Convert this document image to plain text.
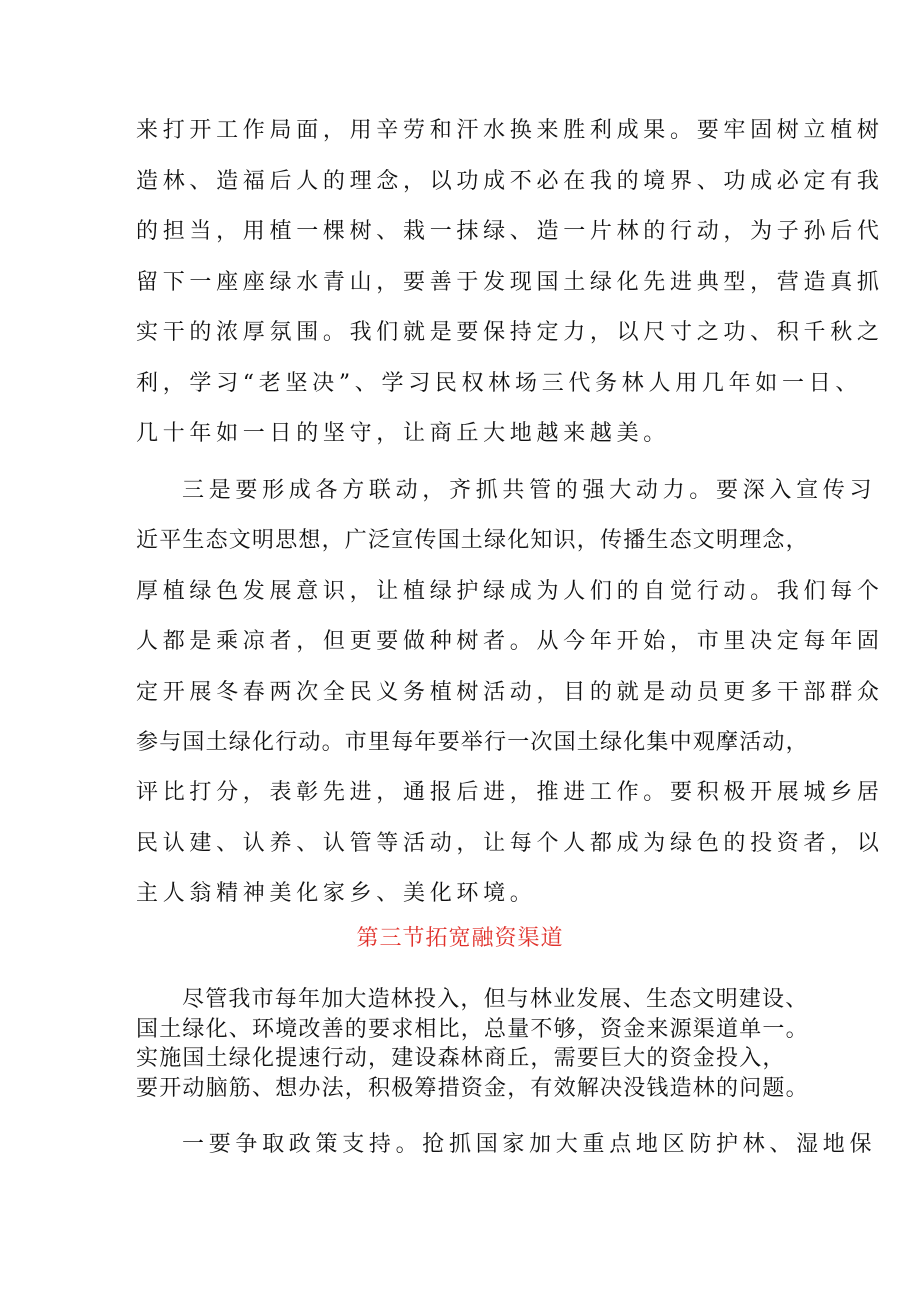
来打开工作局面，用辛劳和汗水换来胜利成果。要牢固树立植树
造林、造福后人的理念，以功成不必在我的境界、功成必定有我
的担当，用植一棵树、栽一抹绿、造一片林的行动，为子孙后代
留下一座座绿水青山，要善于发现国土绿化先进典型，营造真抓
实干的浓厚氛围。我们就是要保持定力，以尺寸之功、积千秋之
利，学习“老坚决”、学习民权林场三代务林人用几年如一日、
几十年如一日的坚守，让商丘大地越来越美。
三是要形成各方联动，齐抓共管的强大动力。要深入宣传习
近平生态文明思想，广泛宣传国土绿化知识，传播生态文明理念，
厚植绿色发展意识，让植绿护绿成为人们的自觉行动。我们每个
人都是乘凉者，但更要做种树者。从今年开始，市里决定每年固
定开展冬春两次全民义务植树活动，目的就是动员更多干部群众
参与国土绿化行动。市里每年要举行一次国土绿化集中观摩活动，
评比打分，表彰先进，通报后进，推进工作。要积极开展城乡居
民认建、认养、认管等活动，让每个人都成为绿色的投资者，以
主人翁精神美化家乡、美化环境。
第三节拓宽融资渠道
尽管我市每年加大造林投入，但与林业发展、生态文明建设、
国土绿化、环境改善的要求相比，总量不够，资金来源渠道单一。
实施国土绿化提速行动，建设森林商丘，需要巨大的资金投入，
要开动脑筋、想办法，积极筹措资金，有效解决没钱造林的问题。
一要争取政策支持。抢抓国家加大重点地区防护林、湿地保
